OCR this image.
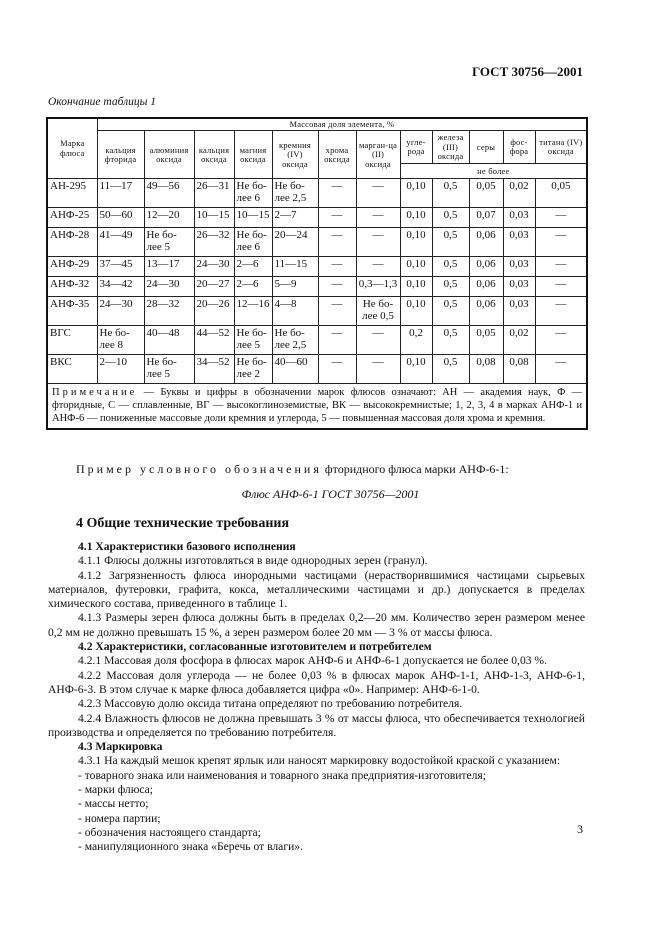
ГОСТ 30756—2001
Окончание таблицы 1
Марка флюса	Массовая доля элемента, %											
	кальция фторида	алюминия оксида	кальция оксида	магния оксида	кремния (IV) оксида	хрома оксида	марган-ца (II) оксида	угле-рода	железа (III) оксида	серы	фос-фора	титана (IV) оксида
								не более				
АН-295	11—17	49—56	26—31	Не бо-лее 6	Не бо-лее 2,5	—	—	0,10	0,5	0,05	0,02	0,05
АНФ-25	50—60	12—20	10—15	10—15	2—7	—	—	0,10	0,5	0,07	0,03	—
АНФ-28	41—49	Не бо-лее 5	26—32	Не бо-лее 6	20—24	—	—	0,10	0,5	0,06	0,03	—
АНФ-29	37—45	13—17	24—30	2—6	11—15	—	—	0,10	0,5	0,06	0,03	—
АНФ-32	34—42	24—30	20—27	2—6	5—9	—	0,3—1,3	0,10	0,5	0,06	0,03	—
АНФ-35	24—30	28—32	20—26	12—16	4—8	—	Не бо-лее 0,5	0,10	0,5	0,06	0,03	—
ВГС	Не бо-лее 8	40—48	44—52	Не бо-лее 5	Не бо-лее 2,5	—	—	0,2	0,5	0,05	0,02	—
ВКС	2—10	Не бо-лее 5	34—52	Не бо-лее 2	40—60	—	—	0,10	0,5	0,08	0,08	—
Примечание — Буквы и цифры в обозначении марок флюсов означают: АН — академия наук, Ф — фторидные, С — сплавленные, ВГ — высокоглиноземистые, ВК — высококремнистые; 1, 2, 3, 4 в марках АНФ-1 и АНФ-6 — пониженные массовые доли кремния и углерода, 5 — повышенная массовая доля хрома и кремния.												
Пример условного обозначения фторидного флюса марки АНФ-6-1:
Флюс АНФ-6-1 ГОСТ 30756—2001
4 Общие технические требования

4.1 Характеристики базового исполнения

4.1.1 Флюсы должны изготовляться в виде однородных зерен (гранул).

4.1.2 Загрязненность флюса инородными частицами (нерастворившимися частицами сырьевых материалов, футеровки, графита, кокса, металлическими частицами и др.) допускается в пределах химического состава, приведенного в таблице 1.

4.1.3 Размеры зерен флюса должны быть в пределах 0,2—20 мм. Количество зерен размером менее 0,2 мм не должно превышать 15 %, а зерен размером более 20 мм — 3 % от массы флюса.

4.2 Характеристики, согласованные изготовителем и потребителем

4.2.1 Массовая доля фосфора в флюсах марок АНФ-6 и АНФ-6-1 допускается не более 0,03 %.

4.2.2 Массовая доля углерода — не более 0,03 % в флюсах марок АНФ-1-1, АНФ-1-3, АНФ-6-1, АНФ-6-3. В этом случае к марке флюса добавляется цифра «0». Например: АНФ-6-1-0.

4.2.3 Массовую долю оксида титана определяют по требованию потребителя.

4.2.4 Влажность флюсов не должна превышать 3 % от массы флюса, что обеспечивается технологией производства и определяется по требованию потребителя.

4.3 Маркировка

4.3.1 На каждый мешок крепят ярлык или наносят маркировку водостойкой краской с указанием:

- товарного знака или наименования и товарного знака предприятия-изготовителя;

- марки флюса;

- массы нетто;

- номера партии;

- обозначения настоящего стандарта;

- манипуляционного знака «Беречь от влаги».

3
